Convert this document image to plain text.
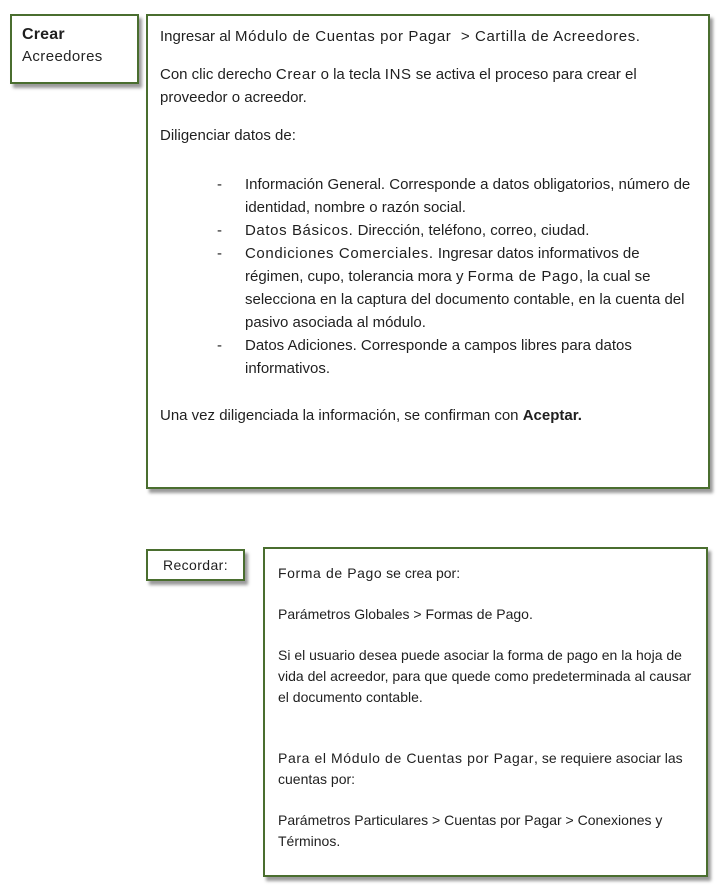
Crear
Acreedores

Ingresar al Módulo de Cuentas por Pagar  > Cartilla de Acreedores.

Con clic derecho Crear o la tecla INS se activa el proceso para crear el proveedor o acreedor.

Diligenciar datos de:

-	Información General. Corresponde a datos obligatorios, número de identidad, nombre o razón social.
-	Datos Básicos. Dirección, teléfono, correo, ciudad.
-	Condiciones Comerciales. Ingresar datos informativos de régimen, cupo, tolerancia mora y Forma de Pago, la cual se selecciona en la captura del documento contable, en la cuenta del pasivo asociada al módulo.
-	Datos Adiciones. Corresponde a campos libres para datos informativos.

Una vez diligenciada la información, se confirman con Aceptar.

Recordar:	Forma de Pago se crea por:

Parámetros Globales > Formas de Pago.

Si el usuario desea puede asociar la forma de pago en la hoja de vida del acreedor, para que quede como predeterminada al causar el documento contable.

Para el Módulo de Cuentas por Pagar, se requiere asociar las cuentas por:

Parámetros Particulares > Cuentas por Pagar > Conexiones y Términos.
